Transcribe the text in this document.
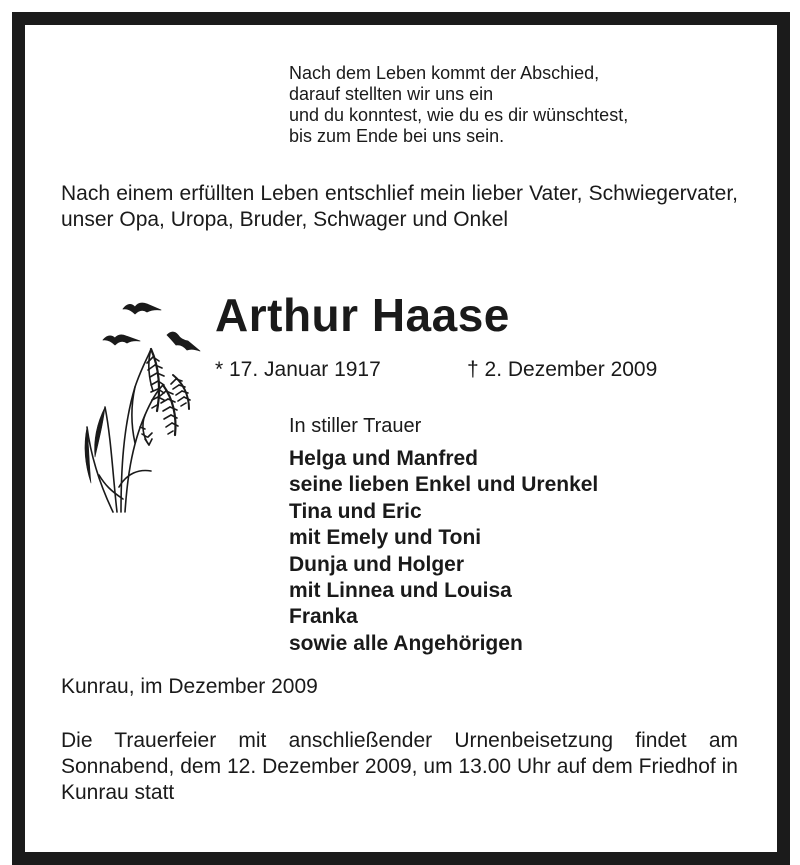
Nach dem Leben kommt der Abschied,
darauf stellten wir uns ein
und du konntest, wie du es dir wünschtest,
bis zum Ende bei uns sein.
Nach einem erfüllten Leben entschlief mein lieber Vater, Schwiegervater, unser Opa, Uropa, Bruder, Schwager und Onkel
Arthur Haase
* 17. Januar 1917	† 2. Dezember 2009
In stiller Trauer
Helga und Manfred
seine lieben Enkel und Urenkel
Tina und Eric
mit Emely und Toni
Dunja und Holger
mit Linnea und Louisa
Franka
sowie alle Angehörigen
Kunrau, im Dezember 2009
Die Trauerfeier mit anschließender Urnenbeisetzung findet am Sonnabend, dem 12. Dezember 2009, um 13.00 Uhr auf dem Friedhof in Kunrau statt
